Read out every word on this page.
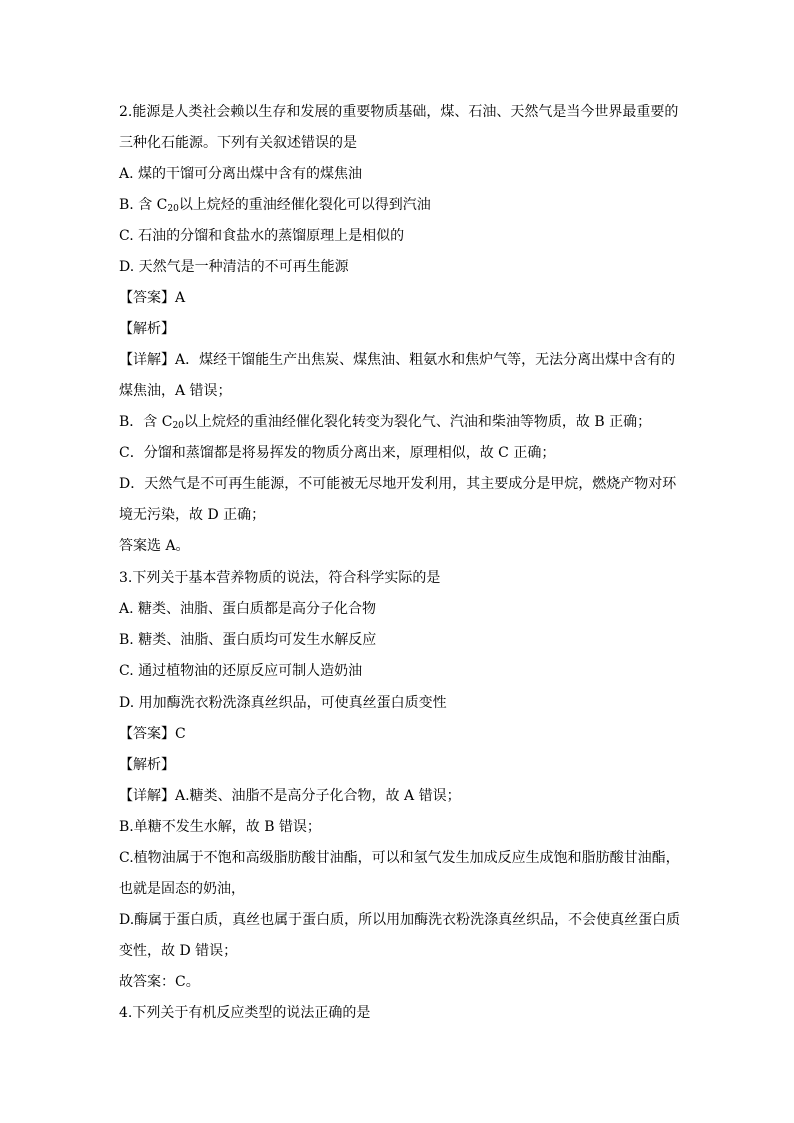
2.能源是人类社会赖以生存和发展的重要物质基础，煤、石油、天然气是当今世界最重要的
三种化石能源。下列有关叙述错误的是
A. 煤的干馏可分离出煤中含有的煤焦油
B. 含 $C_{20}$以上烷烃的重油经催化裂化可以得到汽油
C. 石油的分馏和食盐水的蒸馏原理上是相似的
D. 天然气是一种清洁的不可再生能源
【答案】A
【解析】
【详解】A．煤经干馏能生产出焦炭、煤焦油、粗氨水和焦炉气等，无法分离出煤中含有的
煤焦油，A 错误；
B．含 $C_{20}$以上烷烃的重油经催化裂化转变为裂化气、汽油和柴油等物质，故 B 正确；
C．分馏和蒸馏都是将易挥发的物质分离出来，原理相似，故 C 正确；
D．天然气是不可再生能源，不可能被无尽地开发利用，其主要成分是甲烷，燃烧产物对环
境无污染，故 D 正确；
答案选 A。
3.下列关于基本营养物质的说法，符合科学实际的是
A. 糖类、油脂、蛋白质都是高分子化合物
B. 糖类、油脂、蛋白质均可发生水解反应
C. 通过植物油的还原反应可制人造奶油
D. 用加酶洗衣粉洗涤真丝织品，可使真丝蛋白质变性
【答案】C
【解析】
【详解】A.糖类、油脂不是高分子化合物，故 A 错误；
B.单糖不发生水解，故 B 错误；
C.植物油属于不饱和高级脂肪酸甘油酯，可以和氢气发生加成反应生成饱和脂肪酸甘油酯，
也就是固态的奶油，
D.酶属于蛋白质，真丝也属于蛋白质，所以用加酶洗衣粉洗涤真丝织品，不会使真丝蛋白质
变性，故 D 错误；
故答案：C。
4.下列关于有机反应类型的说法正确的是
